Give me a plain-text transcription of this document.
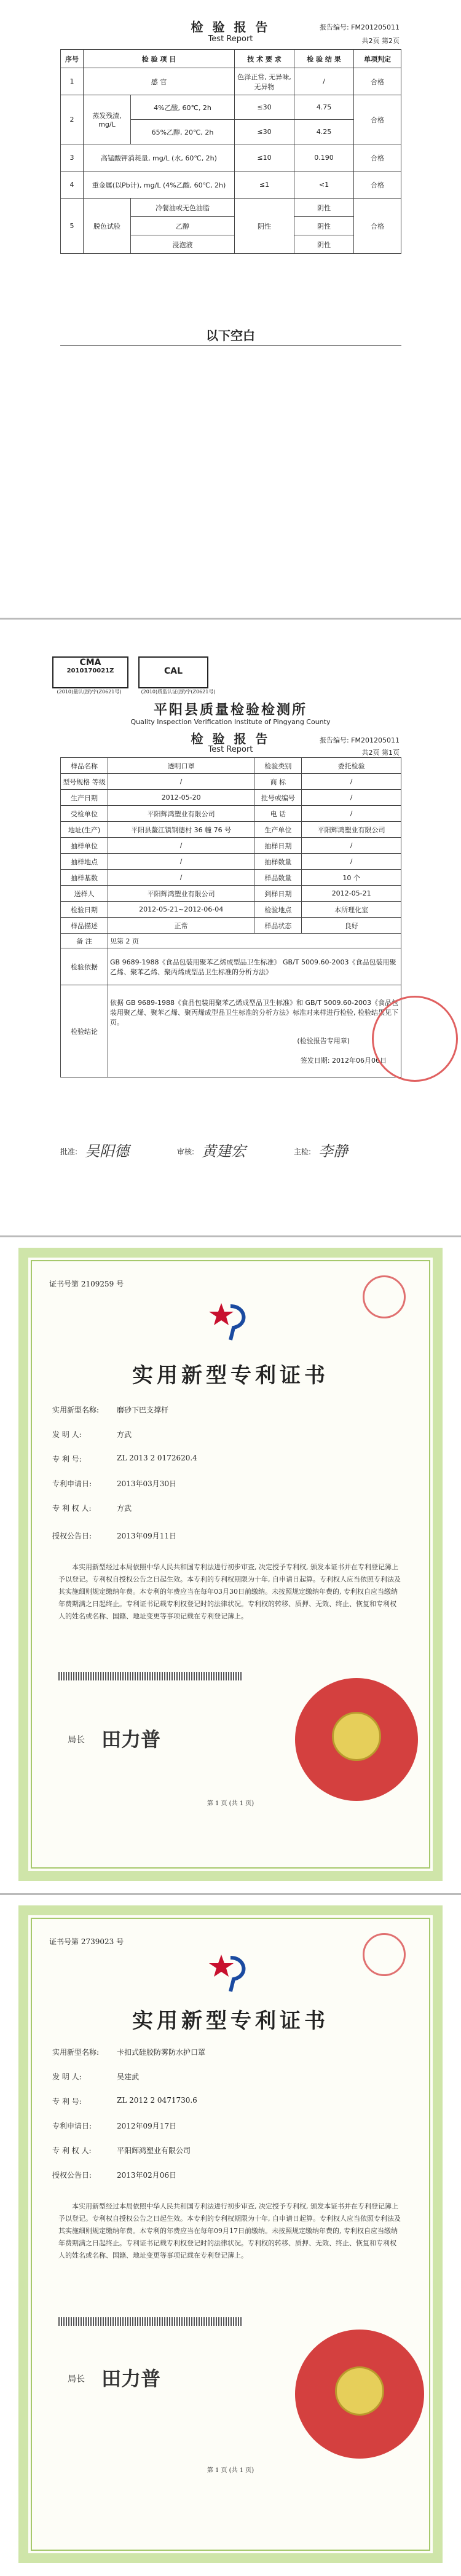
检 验 报 告
Test Report
报告编号: FM201205011
共2页 第2页
序号	检 验 项 目		技 术 要 求	检 验 结 果	单项判定
1	感 官		色泽正常, 无异味, 无异物	/	合格
2	蒸发残渣, mg/L	4%乙酸, 60℃, 2h	≤30	4.75	合格
		65%乙醇, 20℃, 2h	≤30	4.25	
3	高锰酸钾消耗量, mg/L (水, 60℃, 2h)		≤10	0.190	合格
4	重金属(以Pb计), mg/L (4%乙酸, 60℃, 2h)		≤1	<1	合格
5	脱色试验	冷餐油或无色油脂	阴性	阴性	合格
		乙醇		阴性	
		浸泡液		阴性	
以下空白
CMA
2010170021Z
(2010)量认(浙)字(Z0621号)
CAL
(2010)质监认证(浙)字(Z0621号)
平阳县质量检验检测所
Quality Inspection Verification Institute of Pingyang County
检 验 报 告
Test Report
报告编号: FM201205011
共2页 第1页
样品名称	透明口罩	检验类别	委托检验
型号规格 等级	/	商 标	/
生产日期	2012-05-20	批号或编号	/
受检单位	平阳辉鸿塑业有限公司	电 话	/
地址(生产)	平阳县鳌江镇钢德村 36 幢 76 号	生产单位	平阳辉鸿塑业有限公司
抽样单位	/	抽样日期	/
抽样地点	/	抽样数量	/
抽样基数	/	样品数量	10 个
送样人	平阳辉鸿塑业有限公司	到样日期	2012-05-21
检验日期	2012-05-21~2012-06-04	检验地点	本所理化室
样品描述	正常	样品状态	良好
备 注	见第 2 页		

检验依据	GB 9689-1988《食品包装用聚苯乙烯成型品卫生标准》 GB/T 5009.60-2003《食品包装用聚乙烯、聚苯乙烯、聚丙烯成型品卫生标准的分析方法》		

检验结论	依据 GB 9689-1988《食品包装用聚苯乙烯成型品卫生标准》和 GB/T 5009.60-2003《食品包装用聚乙烯、聚苯乙烯、聚丙烯成型品卫生标准的分析方法》标准对来样进行检验, 检验结果见下页。
(检验报告专用章)
签发日期: 2012年06月06日		

批准: 吴阳德	审核: 黄建宏	主检: 李静
证书号第 2109259 号
实用新型专利证书
实用新型名称: 磨砂下巴支撑杆
发 明 人:	方武
专 利 号:	ZL 2013 2 0172620.4
专利申请日:	2013年03月30日
专 利 权 人:	方武
授权公告日:	2013年09月11日
本实用新型经过本局依照中华人民共和国专利法进行初步审查, 决定授予专利权, 颁发本证书并在专利登记簿上予以登记。专利权自授权公告之日起生效。本专利的专利权期限为十年, 自申请日起算。专利权人应当依照专利法及其实施细则规定缴纳年费。本专利的年费应当在每年03月30日前缴纳。未按照规定缴纳年费的, 专利权自应当缴纳年费期满之日起终止。专利证书记载专利权登记时的法律状况。专利权的转移、质押、无效、终止、恢复和专利权人的姓名或名称、国籍、地址变更等事项记载在专利登记簿上。
局长 田力普
第 1 页 (共 1 页)
证书号第 2739023 号
实用新型专利证书
实用新型名称: 卡扣式硅胶防雾防水护口罩
发 明 人:	吴建武
专 利 号:	ZL 2012 2 0471730.6
专利申请日:	2012年09月17日
专 利 权 人:	平阳辉鸿塑业有限公司
授权公告日:	2013年02月06日
本实用新型经过本局依照中华人民共和国专利法进行初步审查, 决定授予专利权, 颁发本证书并在专利登记簿上予以登记。专利权自授权公告之日起生效。本专利的专利权期限为十年, 自申请日起算。专利权人应当依照专利法及其实施细则规定缴纳年费。本专利的年费应当在每年09月17日前缴纳。未按照规定缴纳年费的, 专利权自应当缴纳年费期满之日起终止。专利证书记载专利权登记时的法律状况。专利权的转移、质押、无效、终止、恢复和专利权人的姓名或名称、国籍、地址变更等事项记载在专利登记簿上。
局长 田力普
第 1 页 (共 1 页)
